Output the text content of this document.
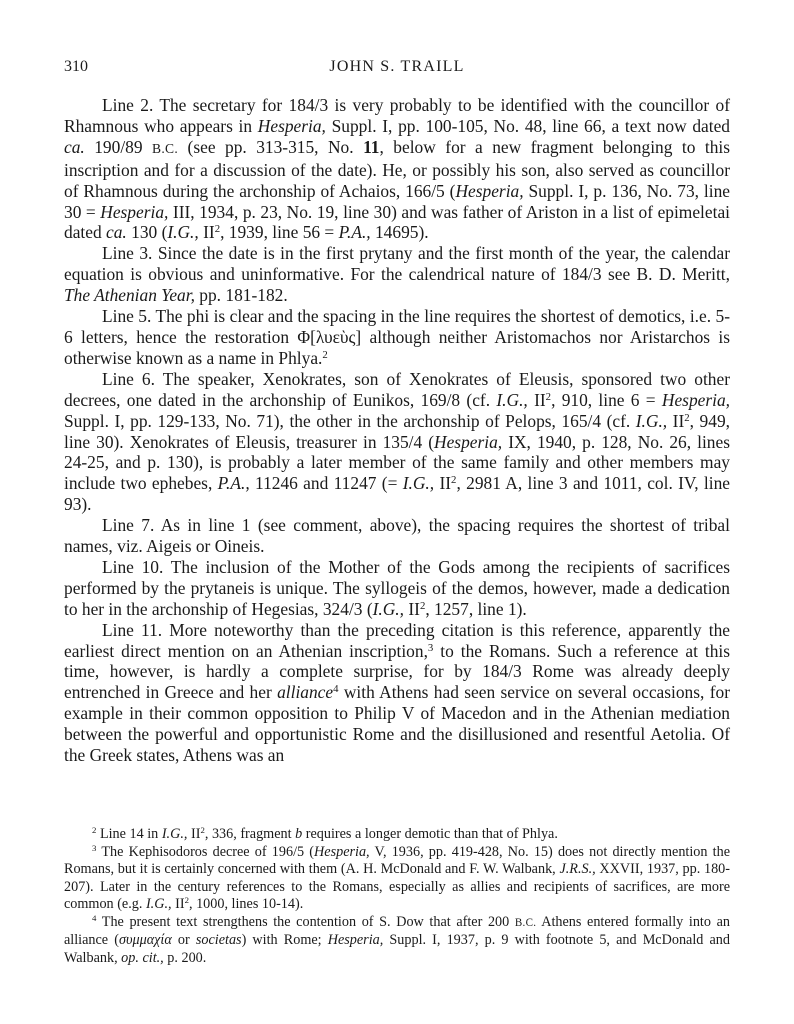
310	JOHN S. TRAILL

Line 2. The secretary for 184/3 is very probably to be identified with the councillor of Rhamnous who appears in Hesperia, Suppl. I, pp. 100-105, No. 48, line 66, a text now dated ca. 190/89 B.C. (see pp. 313-315, No. 11, below for a new fragment belonging to this inscription and for a discussion of the date). He, or possibly his son, also served as councillor of Rhamnous during the archonship of Achaios, 166/5 (Hesperia, Suppl. I, p. 136, No. 73, line 30 = Hesperia, III, 1934, p. 23, No. 19, line 30) and was father of Ariston in a list of epimeletai dated ca. 130 (I.G., $II^2$, 1939, line 56 = P.A., 14695).

Line 3. Since the date is in the first prytany and the first month of the year, the calendar equation is obvious and uninformative. For the calendrical nature of 184/3 see B. D. Meritt, The Athenian Year, pp. 181-182.

Line 5. The phi is clear and the spacing in the line requires the shortest of demotics, i.e. 5-6 letters, hence the restoration Φ[λυεὺς] although neither Aristomachos nor Aristarchos is otherwise known as a name in Phlya.$^2$

Line 6. The speaker, Xenokrates, son of Xenokrates of Eleusis, sponsored two other decrees, one dated in the archonship of Eunikos, 169/8 (cf. I.G., $II^2$, 910, line 6 = Hesperia, Suppl. I, pp. 129-133, No. 71), the other in the archonship of Pelops, 165/4 (cf. I.G., $II^2$, 949, line 30). Xenokrates of Eleusis, treasurer in 135/4 (Hesperia, IX, 1940, p. 128, No. 26, lines 24-25, and p. 130), is probably a later member of the same family and other members may include two ephebes, P.A., 11246 and 11247 (= I.G., $II^2$, 2981 A, line 3 and 1011, col. IV, line 93).

Line 7. As in line 1 (see comment, above), the spacing requires the shortest of tribal names, viz. Aigeis or Oineis.

Line 10. The inclusion of the Mother of the Gods among the recipients of sacrifices performed by the prytaneis is unique. The syllogeis of the demos, however, made a dedication to her in the archonship of Hegesias, 324/3 (I.G., $II^2$, 1257, line 1).

Line 11. More noteworthy than the preceding citation is this reference, apparently the earliest direct mention on an Athenian inscription,$^3$ to the Romans. Such a reference at this time, however, is hardly a complete surprise, for by 184/3 Rome was already deeply entrenched in Greece and her alliance$^4$ with Athens had seen service on several occasions, for example in their common opposition to Philip V of Macedon and in the Athenian mediation between the powerful and opportunistic Rome and the disillusioned and resentful Aetolia. Of the Greek states, Athens was an

$^2$ Line 14 in I.G., $II^2$, 336, fragment b requires a longer demotic than that of Phlya.

$^3$ The Kephisodoros decree of 196/5 (Hesperia, V, 1936, pp. 419-428, No. 15) does not directly mention the Romans, but it is certainly concerned with them (A. H. McDonald and F. W. Walbank, J.R.S., XXVII, 1937, pp. 180-207). Later in the century references to the Romans, especially as allies and recipients of sacrifices, are more common (e.g. I.G., $II^2$, 1000, lines 10-14).

$^4$ The present text strengthens the contention of S. Dow that after 200 B.C. Athens entered formally into an alliance (συμμαχία or societas) with Rome; Hesperia, Suppl. I, 1937, p. 9 with footnote 5, and McDonald and Walbank, op. cit., p. 200.
